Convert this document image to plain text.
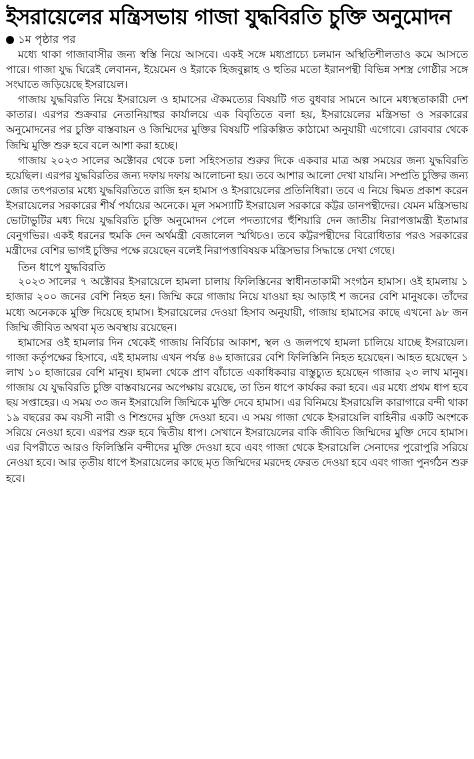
ইসরায়েলের মন্ত্রিসভায় গাজা যুদ্ধবিরতি চুক্তি অনুমোদন
১ম পৃষ্ঠার পর

মধ্যে থাকা গাজাবাসীর জন্য স্বস্তি নিয়ে আসবে। একই সঙ্গে মধ্যপ্রাচ্যে চলমান অস্থিতিশীলতাও কমে আসতে পারে। গাজা যুদ্ধ ঘিরেই লেবানন, ইয়েমেন ও ইরাকে হিজবুল্লাহ ও হুতির মতো ইরানপন্থী বিভিন্ন সশস্ত্র গোষ্ঠীর সঙ্গে সংঘাতে জড়িয়েছে ইসরায়েল।

গাজায় যুদ্ধবিরতি নিয়ে ইসরায়েল ও হামাসের ঐকমত্যের বিষয়টি গত বুধবার সামনে আনে মধ্যস্থতাকারী দেশ কাতার। এরপর শুক্রবার নেতানিয়াহুর কার্যালয়ে এক বিবৃতিতে বলা হয়, ইসরায়েলের মন্ত্রিসভা ও সরকারের অনুমোদনের পর চুক্তি বাস্তবায়ন ও জিম্মিদের মুক্তির বিষয়টি পরিকল্পিত কাঠামো অনুযায়ী এগোবে। রোববার থেকে জিম্মি মুক্তি শুরু হবে বলে আশা করা হচ্ছে।

গাজায় ২০২৩ সালের অক্টোবর থেকে চলা সহিংসতার শুরুর দিকে একবার মাত্র অল্প সময়ের জন্য যুদ্ধবিরতি হয়েছিল। এরপর যুদ্ধবিরতির জন্য দফায় দফায় আলোচনা হয়। তবে আশার আলো দেখা যায়নি। সম্প্রতি চুক্তির জন্য জোর তৎপরতার মধ্যে যুদ্ধবিরতিতে রাজি হন হামাস ও ইসরায়েলের প্রতিনিধিরা। তবে এ নিয়ে দ্বিমত প্রকাশ করেন ইসরায়েলের সরকারের শীর্ষ পর্যায়ের অনেকে। মূল সমস্যাটি ইসরায়েল সরকারে কট্টর ডানপন্থীদের। যেমন মন্ত্রিসভায় ভোটাভুটির মধ্য দিয়ে যুদ্ধবিরতি চুক্তি অনুমোদন পেলে পদত্যাগের হুঁশিয়ারি দেন জাতীয় নিরাপত্তামন্ত্রী ইতামার বেনুগভির। একই ধরনের হুমকি দেন অর্থমন্ত্রী বেজালেল স্মথিচও। তবে কট্টরপন্থীদের বিরোধিতার পরও সরকারের মন্ত্রীদের বেশির ভাগই চুক্তির পক্ষে রয়েছেন বলেই নিরাপত্তাবিষয়ক মন্ত্রিসভার সিদ্ধান্তে দেখা গেছে।

তিন ধাপে যুদ্ধবিরতি

২০২৩ সালের ৭ অক্টোবর ইসরায়েলে হামলা চালায় ফিলিস্তিনের স্বাধীনতাকামী সংগঠন হামাস। ওই হামলায় ১ হাজার ২০০ জনের বেশি নিহত হন। জিম্মি করে গাজায় নিয়ে যাওয়া হয় আড়াই শ জনের বেশি মানুষকে। তাঁদের মধ্যে অনেককে মুক্তি দিয়েছে হামাস। ইসরায়েলের দেওয়া হিসাব অনুযায়ী, গাজায় হামাসের কাছে এখনো ৯৮ জন জিম্মি জীবিত অথবা মৃত অবস্থায় রয়েছেন।

হামাসের ওই হামলার দিন থেকেই গাজায় নির্বিচার আকাশ, স্থল ও জলপথে হামলা চালিয়ে যাচ্ছে ইসরায়েল। গাজা কর্তৃপক্ষের হিসাবে, এই হামলায় এখন পর্যন্ত ৪৬ হাজারের বেশি ফিলিস্তিনি নিহত হয়েছেন। আহত হয়েছেন ১ লাখ ১০ হাজারের বেশি মানুষ। হামলা থেকে প্রাণ বাঁচাতে একাধিকবার বাস্তুচ্যুত হয়েছেন গাজার ২৩ লাখ মানুষ। গাজায় যে যুদ্ধবিরতি চুক্তি বাস্তবায়নের অপেক্ষায় রয়েছে, তা তিন ধাপে কার্যকর করা হবে। এর মধ্যে প্রথম ধাপ হবে ছয় সপ্তাহের। এ সময় ৩৩ জন ইসরায়েলি জিম্মিকে মুক্তি দেবে হামাস। এর বিনিময়ে ইসরায়েলি কারাগারে বন্দী থাকা ১৯ বছরের কম বয়সী নারী ও শিশুদের মুক্তি দেওয়া হবে। এ সময় গাজা থেকে ইসরায়েলি বাহিনীর একটি অংশকে সরিয়ে নেওয়া হবে। এরপর শুরু হবে দ্বিতীয় ধাপ। সেখানে ইসরায়েলের বাকি জীবিত জিম্মিদের মুক্তি দেবে হামাস। এর বিপরীতে আরও ফিলিস্তিনি বন্দীদের মুক্তি দেওয়া হবে এবং গাজা থেকে ইসরায়েলি সেনাদের পুরোপুরি সরিয়ে নেওয়া হবে। আর তৃতীয় ধাপে ইসরায়েলের কাছে মৃত জিম্মিদের মরদেহ ফেরত দেওয়া হবে এবং গাজা পুনর্গঠন শুরু হবে।
